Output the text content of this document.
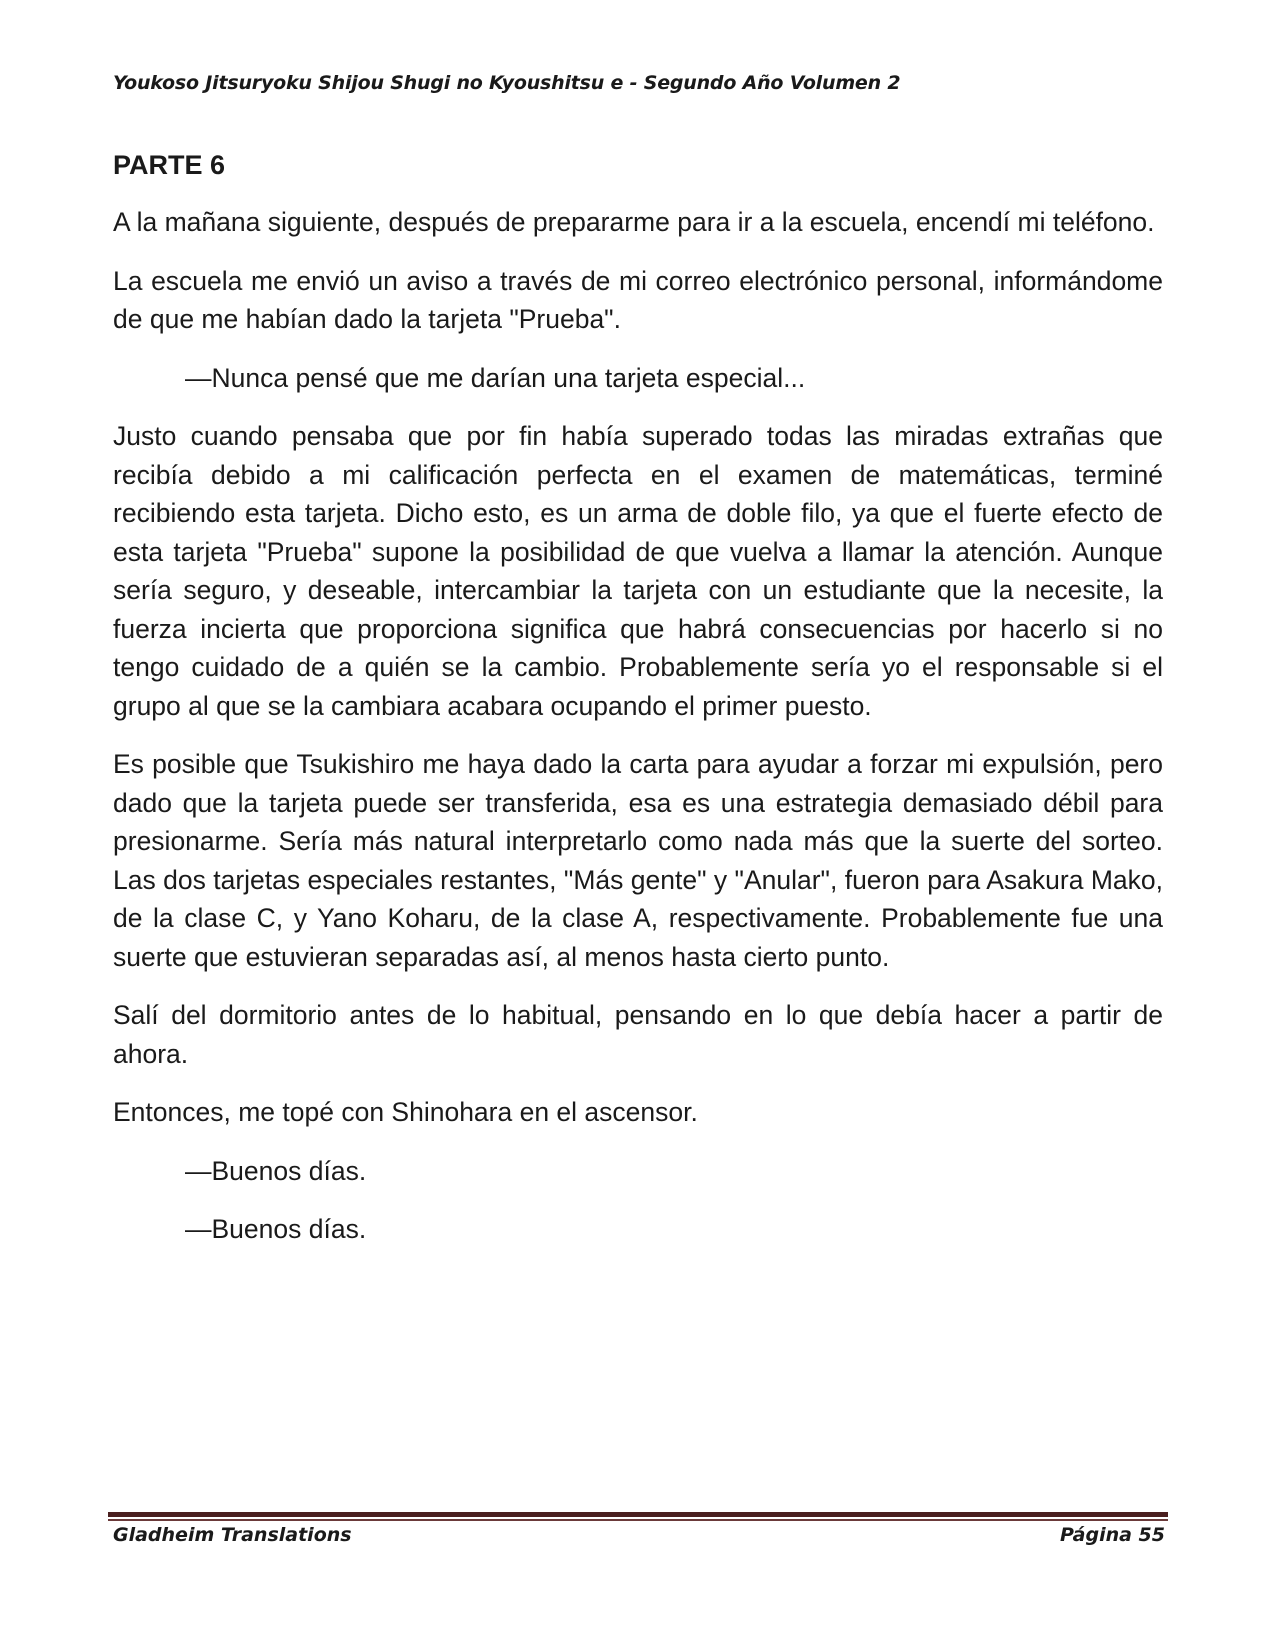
Youkoso Jitsuryoku Shijou Shugi no Kyoushitsu e - Segundo Año Volumen 2
PARTE 6

A la mañana siguiente, después de prepararme para ir a la escuela, encendí mi teléfono.

La escuela me envió un aviso a través de mi correo electrónico personal, informándome de que me habían dado la tarjeta "Prueba".

—Nunca pensé que me darían una tarjeta especial...

Justo cuando pensaba que por fin había superado todas las miradas extrañas que recibía debido a mi calificación perfecta en el examen de matemáticas, terminé recibiendo esta tarjeta. Dicho esto, es un arma de doble filo, ya que el fuerte efecto de esta tarjeta "Prueba" supone la posibilidad de que vuelva a llamar la atención. Aunque sería seguro, y deseable, intercambiar la tarjeta con un estudiante que la necesite, la fuerza incierta que proporciona significa que habrá consecuencias por hacerlo si no tengo cuidado de a quién se la cambio. Probablemente sería yo el responsable si el grupo al que se la cambiara acabara ocupando el primer puesto.

Es posible que Tsukishiro me haya dado la carta para ayudar a forzar mi expulsión, pero dado que la tarjeta puede ser transferida, esa es una estrategia demasiado débil para presionarme. Sería más natural interpretarlo como nada más que la suerte del sorteo. Las dos tarjetas especiales restantes, "Más gente" y "Anular", fueron para Asakura Mako, de la clase C, y Yano Koharu, de la clase A, respectivamente. Probablemente fue una suerte que estuvieran separadas así, al menos hasta cierto punto.

Salí del dormitorio antes de lo habitual, pensando en lo que debía hacer a partir de ahora.

Entonces, me topé con Shinohara en el ascensor.

—Buenos días.

—Buenos días.

Gladheim Translations	Página 55
